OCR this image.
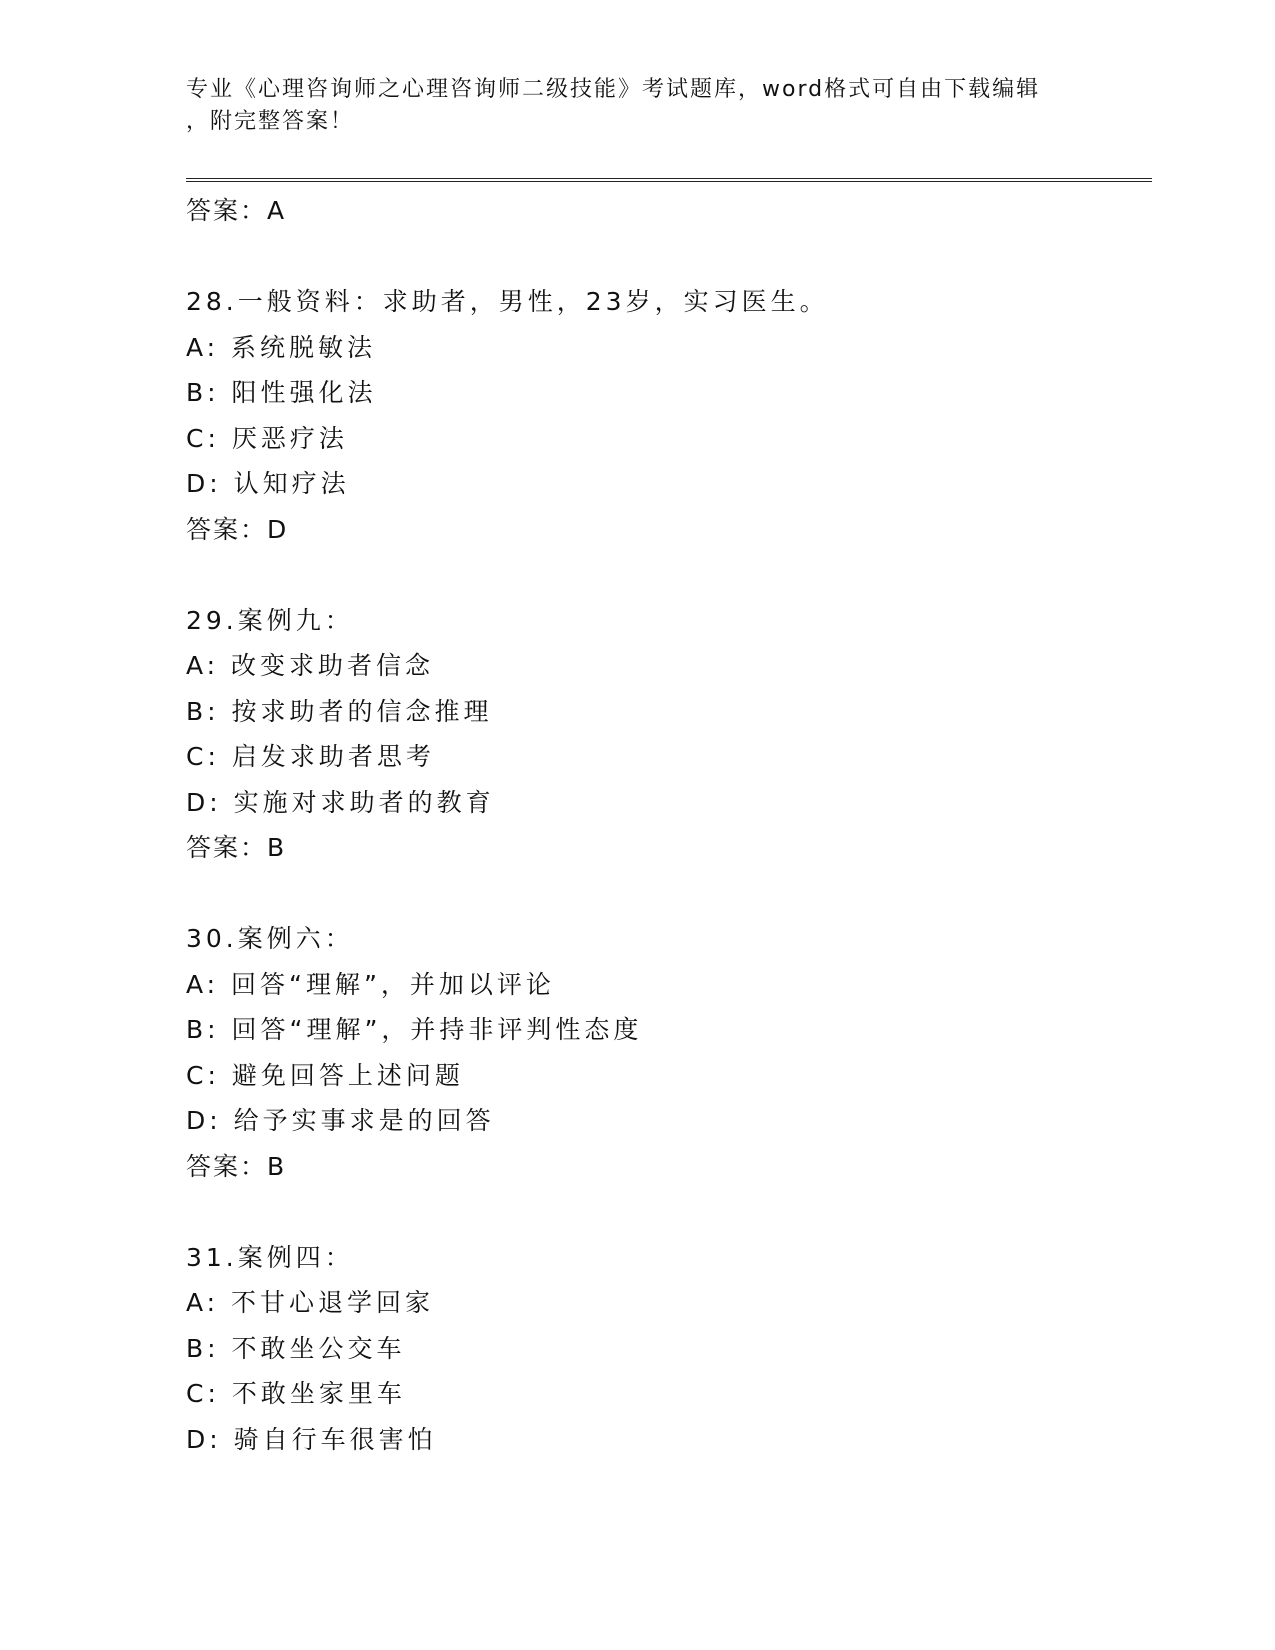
专业《心理咨询师之心理咨询师二级技能》考试题库，word格式可自由下载编辑
，附完整答案！
答案：A
28.一般资料：求助者，男性，23岁，实习医生。
A: 系统脱敏法
B: 阳性强化法
C: 厌恶疗法
D: 认知疗法
答案：D
29.案例九：
A: 改变求助者信念
B: 按求助者的信念推理
C: 启发求助者思考
D: 实施对求助者的教育
答案：B
30.案例六：
A: 回答“理解”，并加以评论
B: 回答“理解”，并持非评判性态度
C: 避免回答上述问题
D: 给予实事求是的回答
答案：B
31.案例四：
A: 不甘心退学回家
B: 不敢坐公交车
C: 不敢坐家里车
D: 骑自行车很害怕
